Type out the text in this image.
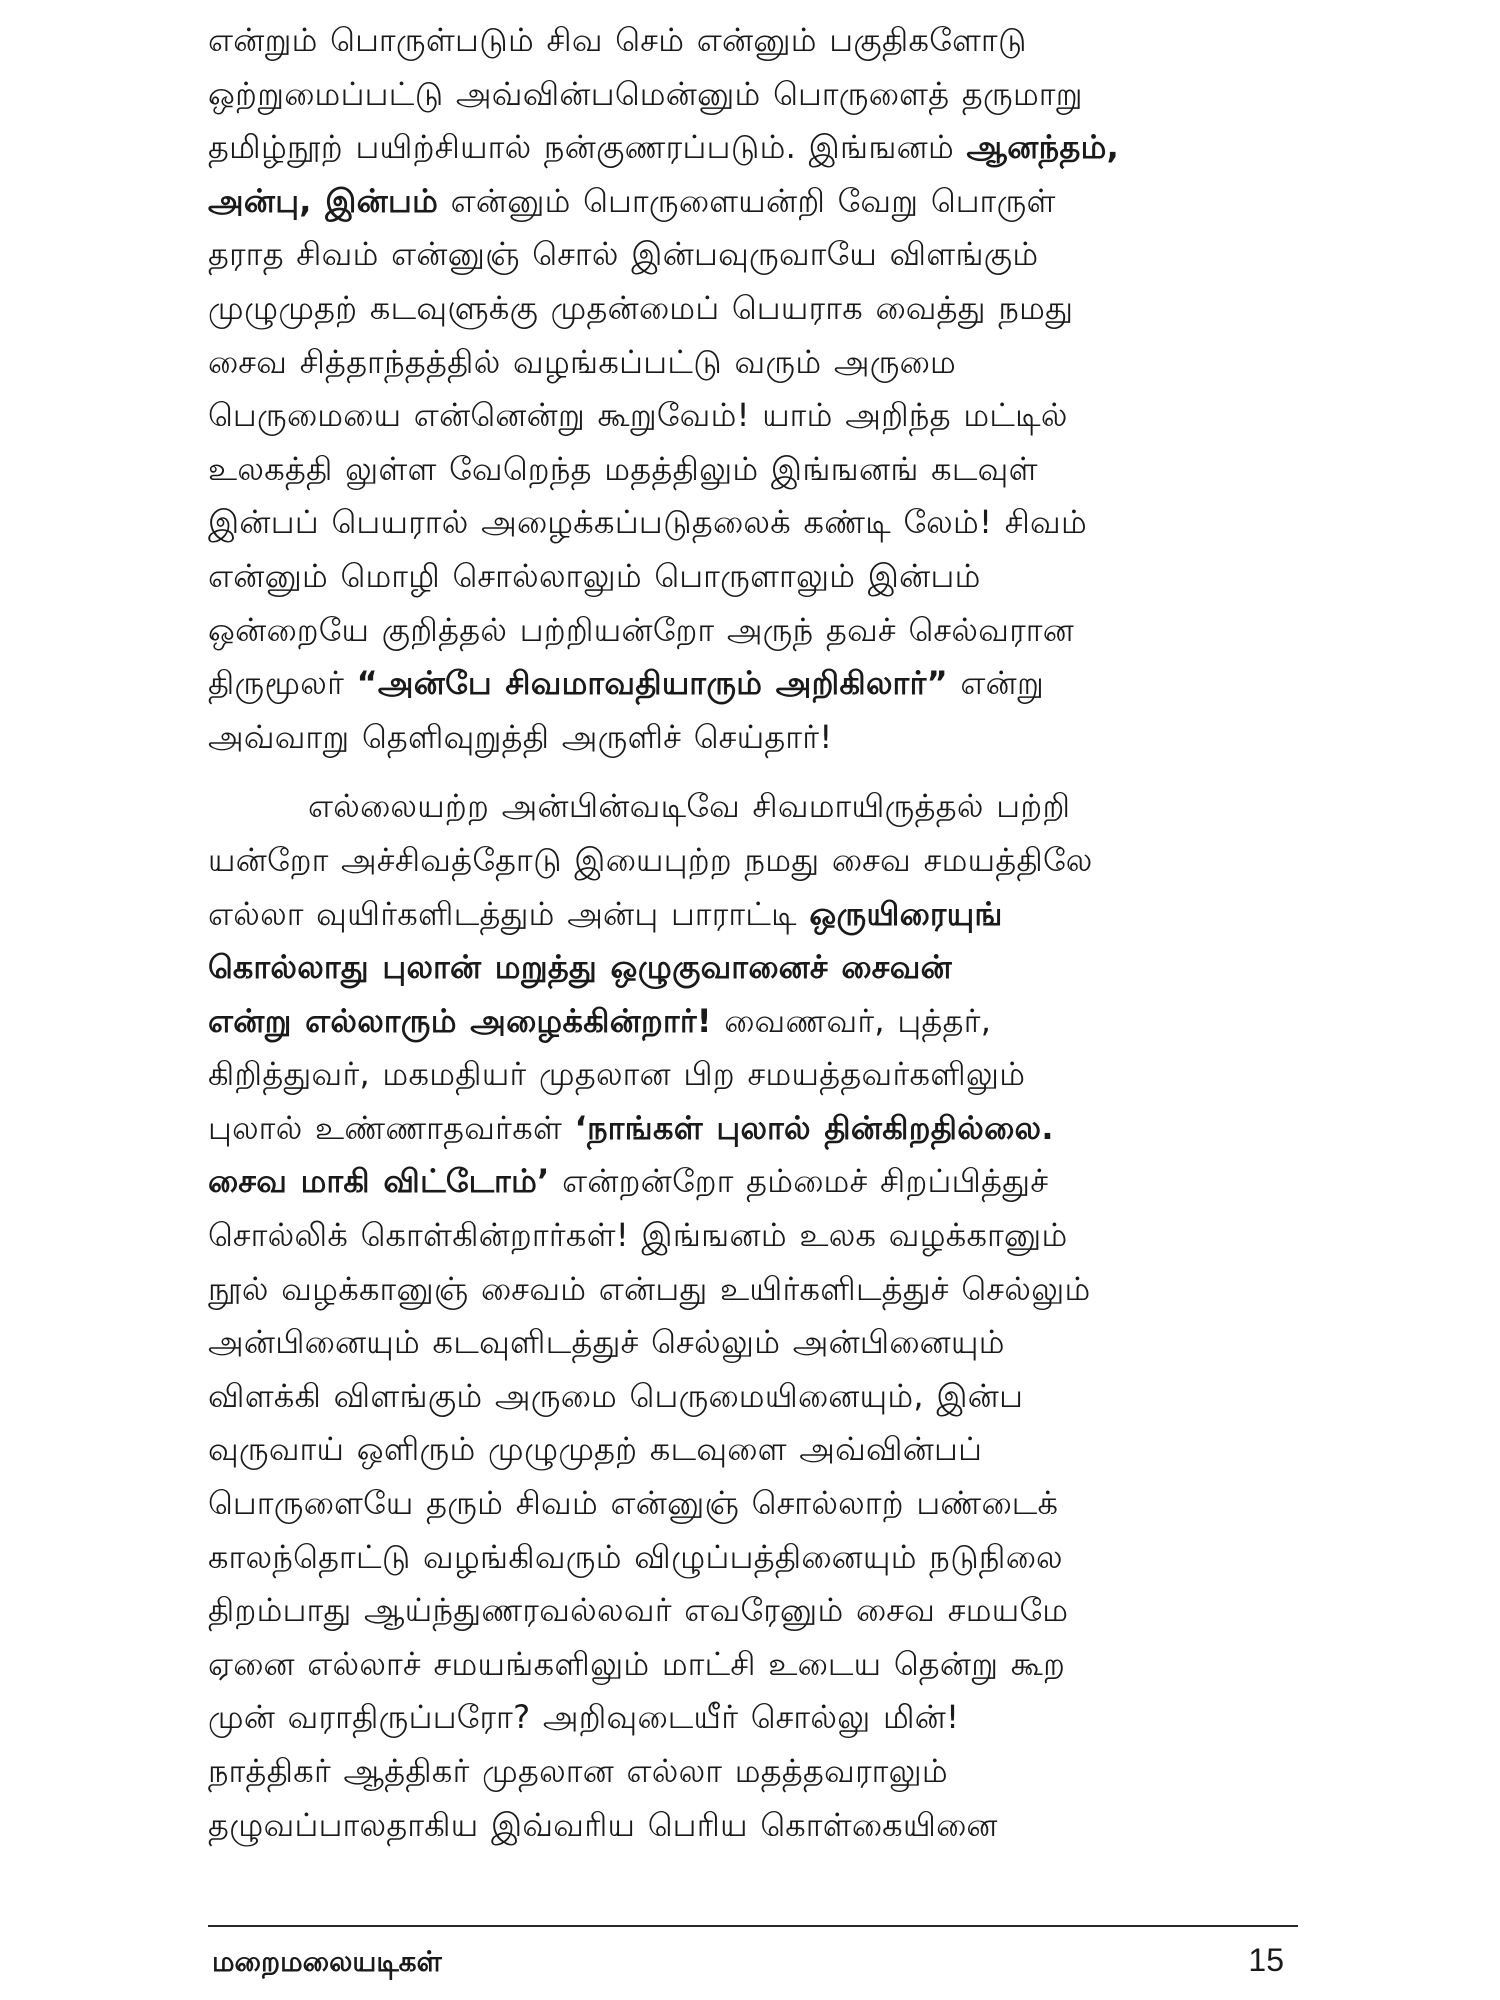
என்றும் பொருள்படும் சிவ செம் என்னும் பகுதிகளோடு
ஒற்றுமைப்பட்டு அவ்வின்பமென்னும் பொருளைத் தருமாறு
தமிழ்நூற் பயிற்சியால் நன்குணரப்படும். இங்ஙனம் ஆனந்தம்,
அன்பு, இன்பம் என்னும் பொருளையன்றி வேறு பொருள்
தராத சிவம் என்னுஞ் சொல் இன்பவுருவாயே விளங்கும்
முழுமுதற் கடவுளுக்கு முதன்மைப் பெயராக வைத்து நமது
சைவ சித்தாந்தத்தில் வழங்கப்பட்டு வரும் அருமை
பெருமையை என்னென்று கூறுவேம்! யாம் அறிந்த மட்டில்
உலகத்தி லுள்ள வேறெந்த மதத்திலும் இங்ஙனங் கடவுள்
இன்பப் பெயரால் அழைக்கப்படுதலைக் கண்டி லேம்! சிவம்
என்னும் மொழி சொல்லாலும் பொருளாலும் இன்பம்
ஒன்றையே குறித்தல் பற்றியன்றோ அருந் தவச் செல்வரான
திருமூலர் “அன்பே சிவமாவதியாரும் அறிகிலார்” என்று
அவ்வாறு தெளிவுறுத்தி அருளிச் செய்தார்!

எல்லையற்ற அன்பின்வடிவே சிவமாயிருத்தல் பற்றி
யன்றோ அச்சிவத்தோடு இயைபுற்ற நமது சைவ சமயத்திலே
எல்லா வுயிர்களிடத்தும் அன்பு பாராட்டி ஒருயிரையுங்
கொல்லாது புலான் மறுத்து ஒழுகுவானைச் சைவன்
என்று எல்லாரும் அழைக்கின்றார்! வைணவர், புத்தர்,
கிறித்துவர், மகமதியர் முதலான பிற சமயத்தவர்களிலும்
புலால் உண்ணாதவர்கள் ‘நாங்கள் புலால் தின்கிறதில்லை.
சைவ மாகி விட்டோம்’ என்றன்றோ தம்மைச் சிறப்பித்துச்
சொல்லிக் கொள்கின்றார்கள்! இங்ஙனம் உலக வழக்கானும்
நூல் வழக்கானுஞ் சைவம் என்பது உயிர்களிடத்துச் செல்லும்
அன்பினையும் கடவுளிடத்துச் செல்லும் அன்பினையும்
விளக்கி விளங்கும் அருமை பெருமையினையும், இன்ப
வுருவாய் ஒளிரும் முழுமுதற் கடவுளை அவ்வின்பப்
பொருளையே தரும் சிவம் என்னுஞ் சொல்லாற் பண்டைக்
காலந்தொட்டு வழங்கிவரும் விழுப்பத்தினையும் நடுநிலை
திறம்பாது ஆய்ந்துணரவல்லவர் எவரேனும் சைவ சமயமே
ஏனை எல்லாச் சமயங்களிலும் மாட்சி உடைய தென்று கூற
முன் வராதிருப்பரோ? அறிவுடையீர் சொல்லு மின்!
நாத்திகர் ஆத்திகர் முதலான எல்லா மதத்தவராலும்
தழுவப்பாலதாகிய இவ்வரிய பெரிய கொள்கையினை

மறைமலையடிகள்	15
